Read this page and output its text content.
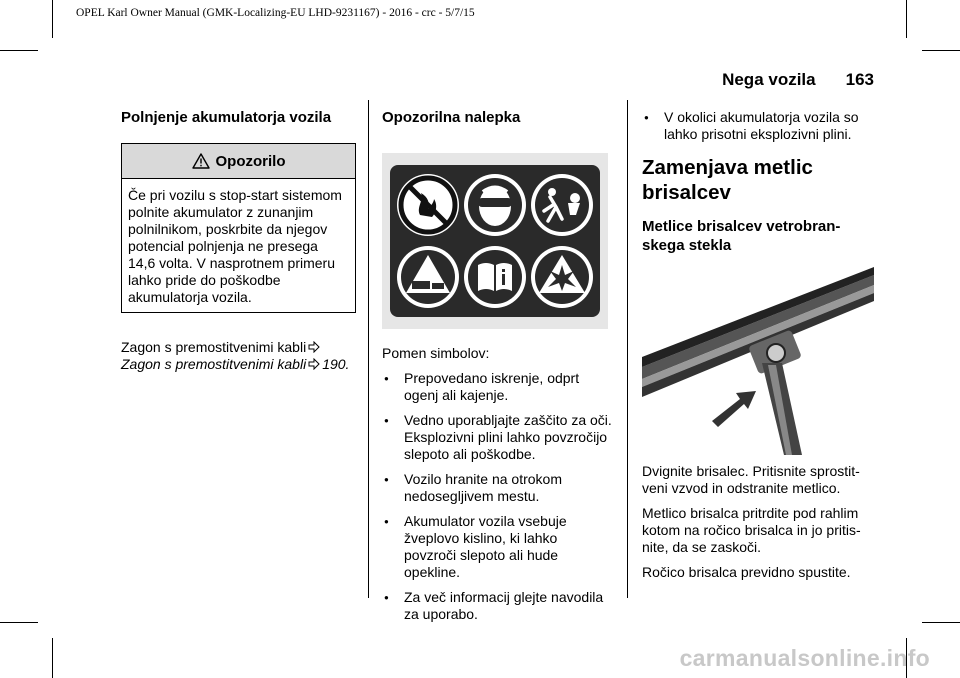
OPEL Karl Owner Manual (GMK-Localizing-EU LHD-9231167) - 2016 - crc - 5/7/15
Nega vozila 163
Polnjenje akumulatorja vozila
Opozorilo
Če pri vozilu s stop-start sistemom polnite akumulator z zunanjim polnilnikom, poskrbite da njegov potencial polnjenja ne presega 14,6 volta. V nasprotnem primeru lahko pride do poškodbe akumulatorja vozila.

Zagon s premostitvenimi kabli

Zagon s premostitvenimi kabli 190.

Opozorilna nalepka

Pomen simbolov:

● Prepovedano iskrenje, odprt ogenj ali kajenje.
● Vedno uporabljajte zaščito za oči. Eksplozivni plini lahko povzročijo slepoto ali poškodbe.
● Vozilo hranite na otrokom nedosegljivem mestu.
● Akumulator vozila vsebuje žveplovo kislino, ki lahko povzroči slepoto ali hude opekline.
● Za več informacij glejte navodila za uporabo.
● V okolici akumulatorja vozila so lahko prisotni eksplozivni plini.
Zamenjava metlic brisalcev
Metlice brisalcev vetrobran-skega stekla

Dvignite brisalec. Pritisnite sprostit-veni vzvod in odstranite metlico.

Metlico brisalca pritrdite pod rahlim kotom na ročico brisalca in jo pritis-nite, da se zaskoči.

Ročico brisalca previdno spustite.

carmanualsonline.info
